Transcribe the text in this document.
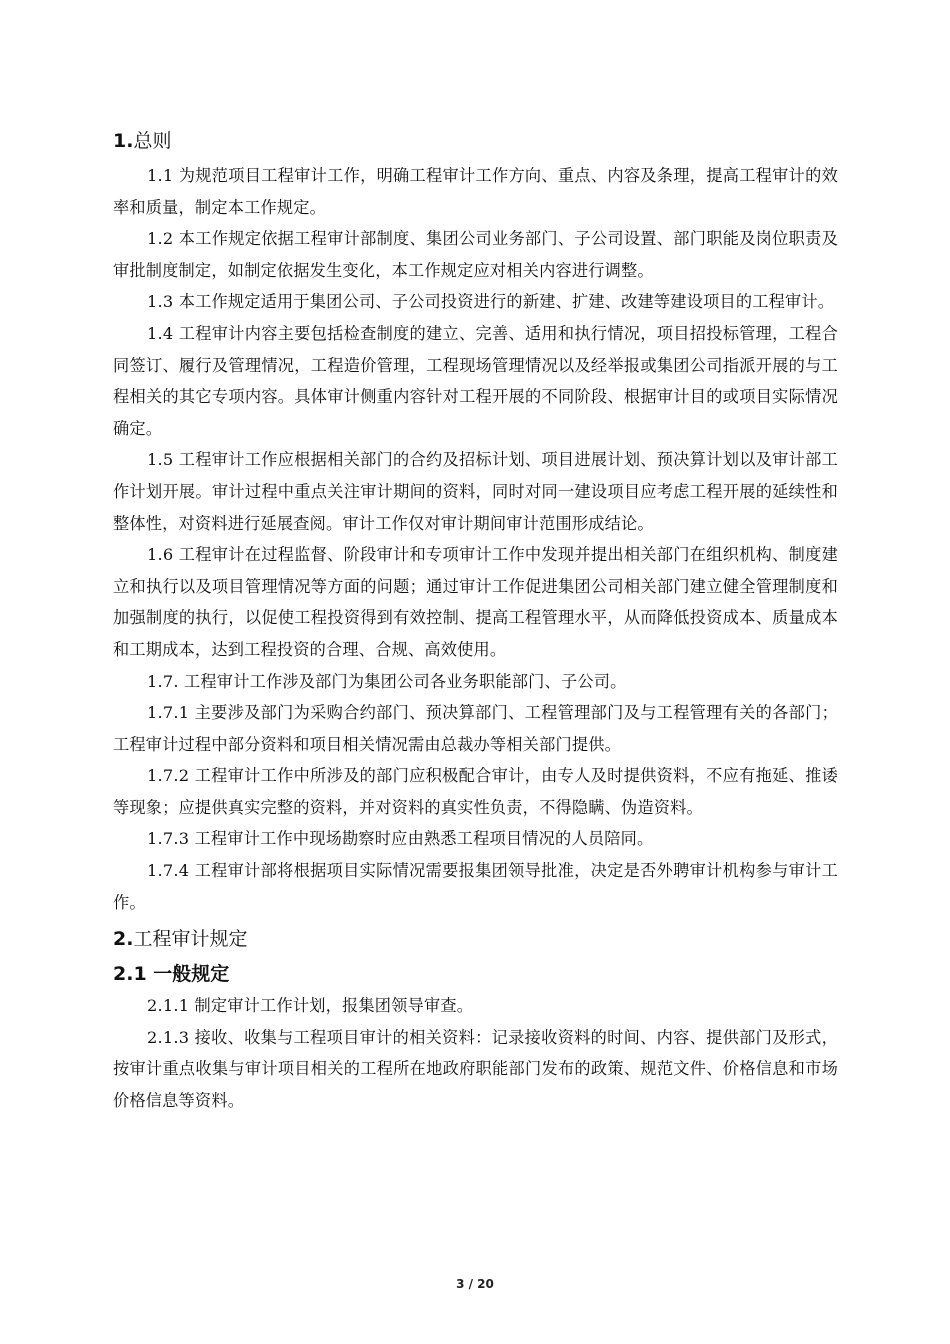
1.总则

1.1 为规范项目工程审计工作，明确工程审计工作方向、重点、内容及条理，提高工程审计的效率和质量，制定本工作规定。

1.2 本工作规定依据工程审计部制度、集团公司业务部门、子公司设置、部门职能及岗位职责及审批制度制定，如制定依据发生变化，本工作规定应对相关内容进行调整。

1.3 本工作规定适用于集团公司、子公司投资进行的新建、扩建、改建等建设项目的工程审计。

1.4 工程审计内容主要包括检查制度的建立、完善、适用和执行情况，项目招投标管理，工程合同签订、履行及管理情况，工程造价管理，工程现场管理情况以及经举报或集团公司指派开展的与工程相关的其它专项内容。具体审计侧重内容针对工程开展的不同阶段、根据审计目的或项目实际情况确定。

1.5 工程审计工作应根据相关部门的合约及招标计划、项目进展计划、预决算计划以及审计部工作计划开展。审计过程中重点关注审计期间的资料，同时对同一建设项目应考虑工程开展的延续性和整体性，对资料进行延展查阅。审计工作仅对审计期间审计范围形成结论。

1.6 工程审计在过程监督、阶段审计和专项审计工作中发现并提出相关部门在组织机构、制度建立和执行以及项目管理情况等方面的问题；通过审计工作促进集团公司相关部门建立健全管理制度和加强制度的执行，以促使工程投资得到有效控制、提高工程管理水平，从而降低投资成本、质量成本和工期成本，达到工程投资的合理、合规、高效使用。

1.7. 工程审计工作涉及部门为集团公司各业务职能部门、子公司。

1.7.1 主要涉及部门为采购合约部门、预决算部门、工程管理部门及与工程管理有关的各部门；工程审计过程中部分资料和项目相关情况需由总裁办等相关部门提供。

1.7.2 工程审计工作中所涉及的部门应积极配合审计，由专人及时提供资料，不应有拖延、推诿等现象；应提供真实完整的资料，并对资料的真实性负责，不得隐瞒、伪造资料。

1.7.3 工程审计工作中现场勘察时应由熟悉工程项目情况的人员陪同。

1.7.4 工程审计部将根据项目实际情况需要报集团领导批准，决定是否外聘审计机构参与审计工作。

2.工程审计规定
2.1 一般规定

2.1.1 制定审计工作计划，报集团领导审查。

2.1.3 接收、收集与工程项目审计的相关资料：记录接收资料的时间、内容、提供部门及形式，按审计重点收集与审计项目相关的工程所在地政府职能部门发布的政策、规范文件、价格信息和市场价格信息等资料。

3 / 20
